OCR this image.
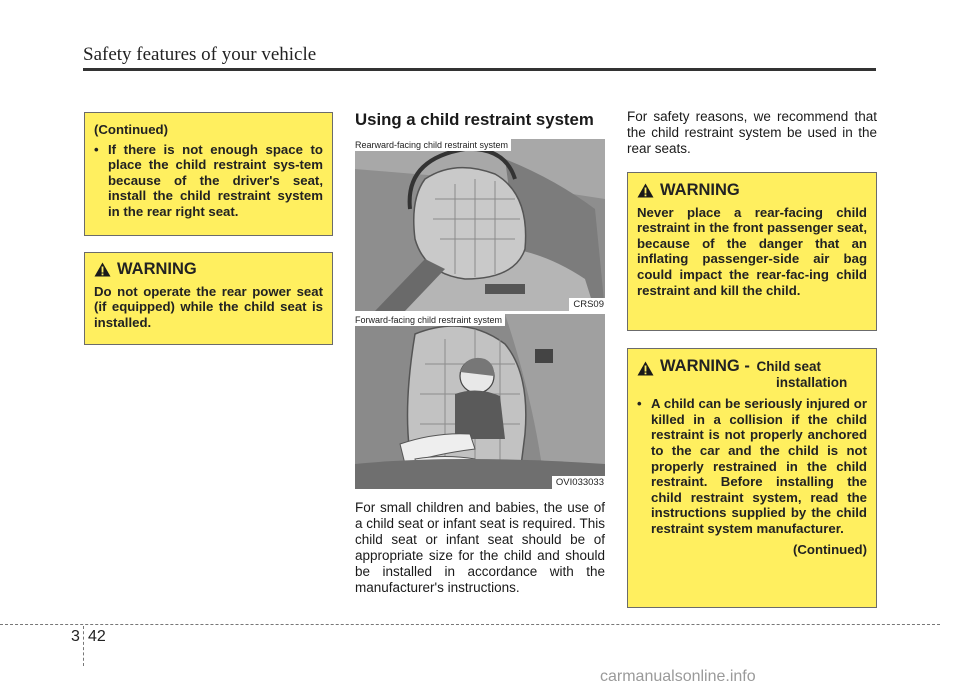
Safety features of your vehicle
(Continued)
• If there is not enough space to place the child restraint sys-tem because of the driver's seat, install the child restraint system in the rear right seat.
WARNING
Do not operate the rear power seat (if equipped) while the child seat is installed.
Using a child restraint system
Rearward-facing child restraint system
CRS09
Forward-facing child restraint system
OVI033033
For small children and babies, the use of a child seat or infant seat is required. This child seat or infant seat should be of appropriate size for the child and should be installed in accordance with the manufacturer's instructions.
For safety reasons, we recommend that the child restraint system be used in the rear seats.
WARNING
Never place a rear-facing child restraint in the front passenger seat, because of the danger that an inflating passenger-side air bag could impact the rear-fac-ing child restraint and kill the child.
WARNING - Child seat
installation
• A child can be seriously injured or killed in a collision if the child restraint is not properly anchored to the car and the child is not properly restrained in the child restraint. Before installing the child restraint system, read the instructions supplied by the child restraint system manufacturer.
(Continued)
3 42
carmanualsonline.info
